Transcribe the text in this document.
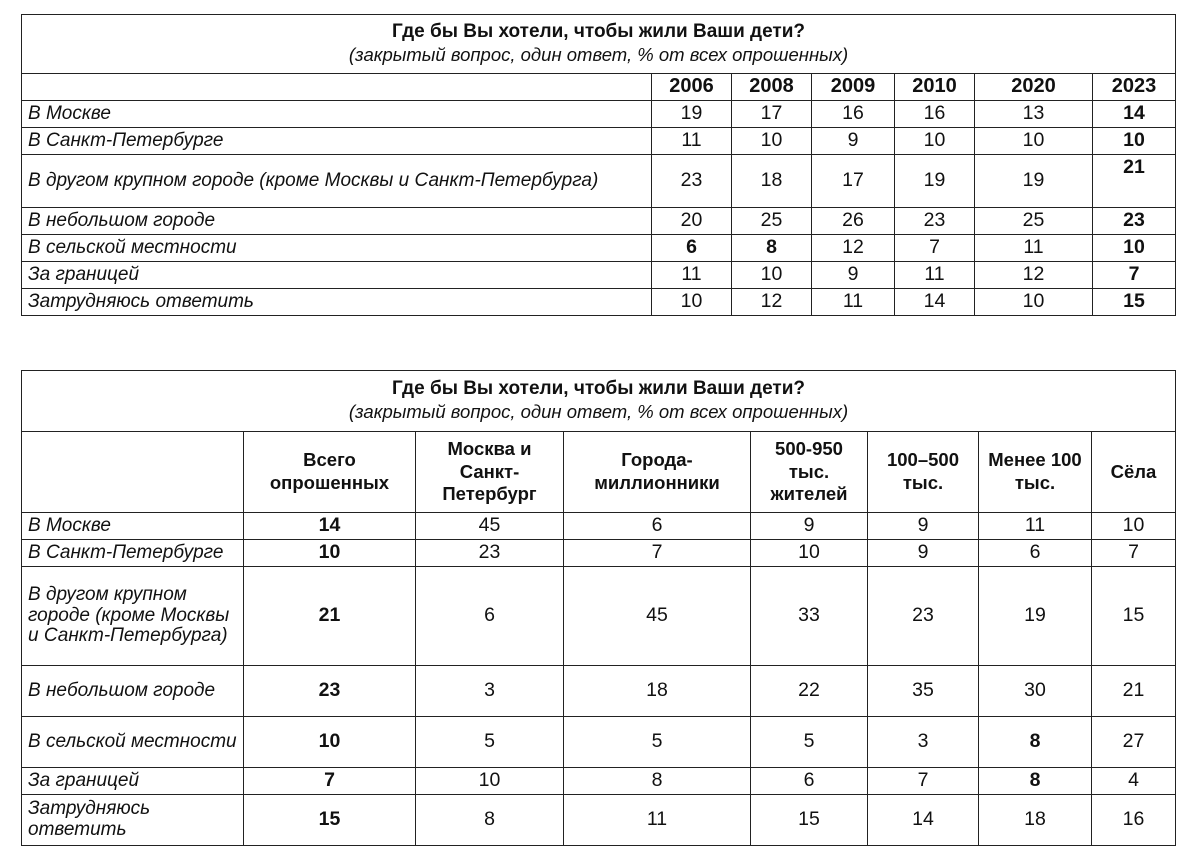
Где бы Вы хотели, чтобы жили Ваши дети?
(закрытый вопрос, один ответ, % от всех опрошенных)						

	2006	2008	2009	2010	2020	2023
В Москве	19	17	16	16	13	14
В Санкт-Петербурге	11	10	9	10	10	10
В другом крупном городе (кроме Москвы и Санкт-Петербурга)	23	18	17	19	19	21
В небольшом городе	20	25	26	23	25	23
В сельской местности	6	8	12	7	11	10
За границей	11	10	9	11	12	7
Затрудняюсь ответить	10	12	11	14	10	15
Где бы Вы хотели, чтобы жили Ваши дети?
(закрытый вопрос, один ответ, % от всех опрошенных)							

	Всего опрошенных	Москва и Санкт-Петербург	Города-миллионники	500-950 тыс. жителей	100–500 тыс.	Менее 100 тыс.	Сёла
В Москве	14	45	6	9	9	11	10
В Санкт-Петербурге	10	23	7	10	9	6	7
В другом крупном городе (кроме Москвы и Санкт-Петербурга)	21	6	45	33	23	19	15
В небольшом городе	23	3	18	22	35	30	21
В сельской местности	10	5	5	5	3	8	27
За границей	7	10	8	6	7	8	4
Затрудняюсь ответить	15	8	11	15	14	18	16
